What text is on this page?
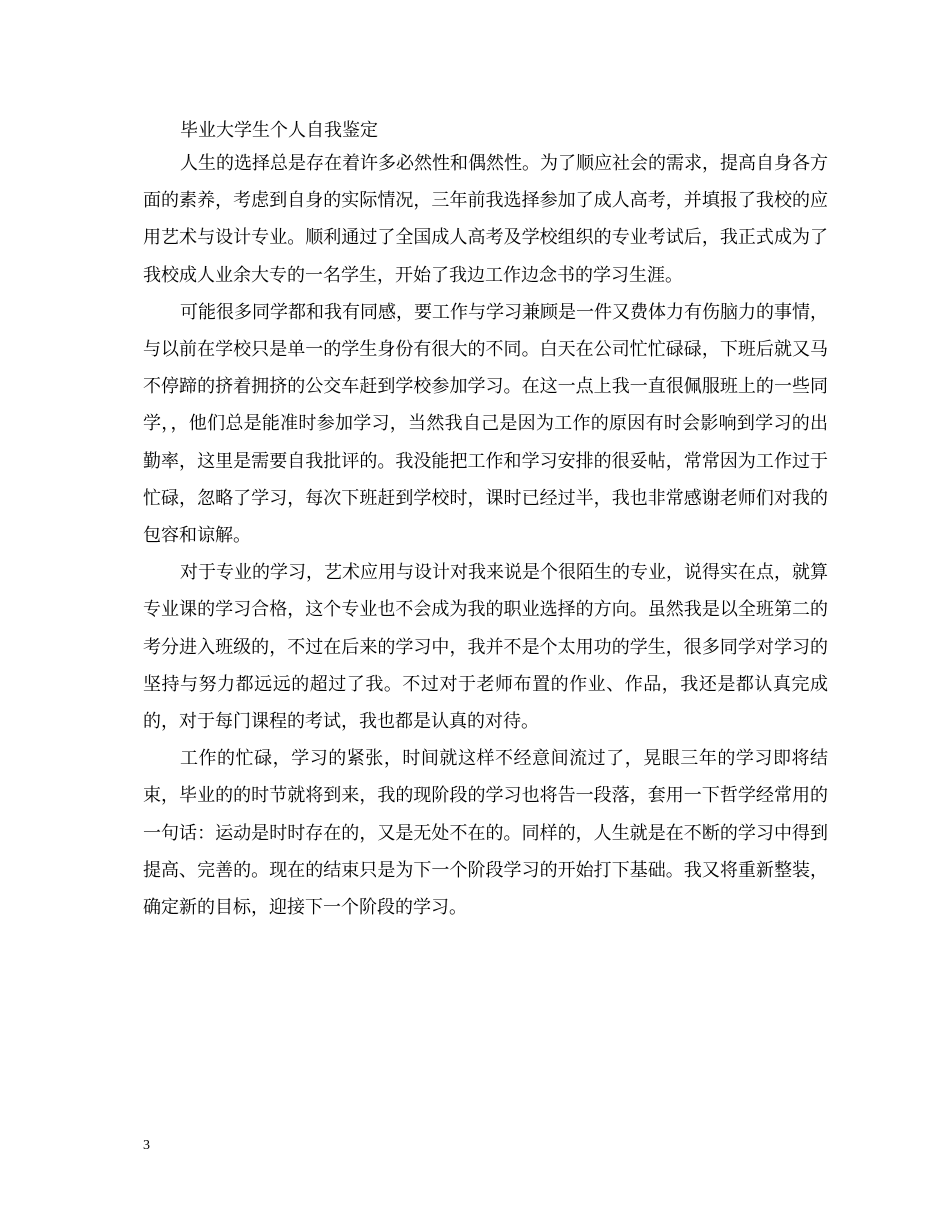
毕业大学生个人自我鉴定

人生的选择总是存在着许多必然性和偶然性。为了顺应社会的需求，提高自身各方面的素养，考虑到自身的实际情况，三年前我选择参加了成人高考，并填报了我校的应用艺术与设计专业。顺利通过了全国成人高考及学校组织的专业考试后，我正式成为了我校成人业余大专的一名学生，开始了我边工作边念书的学习生涯。

可能很多同学都和我有同感，要工作与学习兼顾是一件又费体力有伤脑力的事情，与以前在学校只是单一的学生身份有很大的不同。白天在公司忙忙碌碌，下班后就又马不停蹄的挤着拥挤的公交车赶到学校参加学习。在这一点上我一直很佩服班上的一些同学，，他们总是能准时参加学习，当然我自己是因为工作的原因有时会影响到学习的出勤率，这里是需要自我批评的。我没能把工作和学习安排的很妥帖，常常因为工作过于忙碌，忽略了学习，每次下班赶到学校时，课时已经过半，我也非常感谢老师们对我的包容和谅解。

对于专业的学习，艺术应用与设计对我来说是个很陌生的专业，说得实在点，就算专业课的学习合格，这个专业也不会成为我的职业选择的方向。虽然我是以全班第二的考分进入班级的，不过在后来的学习中，我并不是个太用功的学生，很多同学对学习的坚持与努力都远远的超过了我。不过对于老师布置的作业、作品，我还是都认真完成的，对于每门课程的考试，我也都是认真的对待。

工作的忙碌，学习的紧张，时间就这样不经意间流过了，晃眼三年的学习即将结束，毕业的的时节就将到来，我的现阶段的学习也将告一段落，套用一下哲学经常用的一句话：运动是时时存在的，又是无处不在的。同样的，人生就是在不断的学习中得到提高、完善的。现在的结束只是为下一个阶段学习的开始打下基础。我又将重新整装，确定新的目标，迎接下一个阶段的学习。

3
